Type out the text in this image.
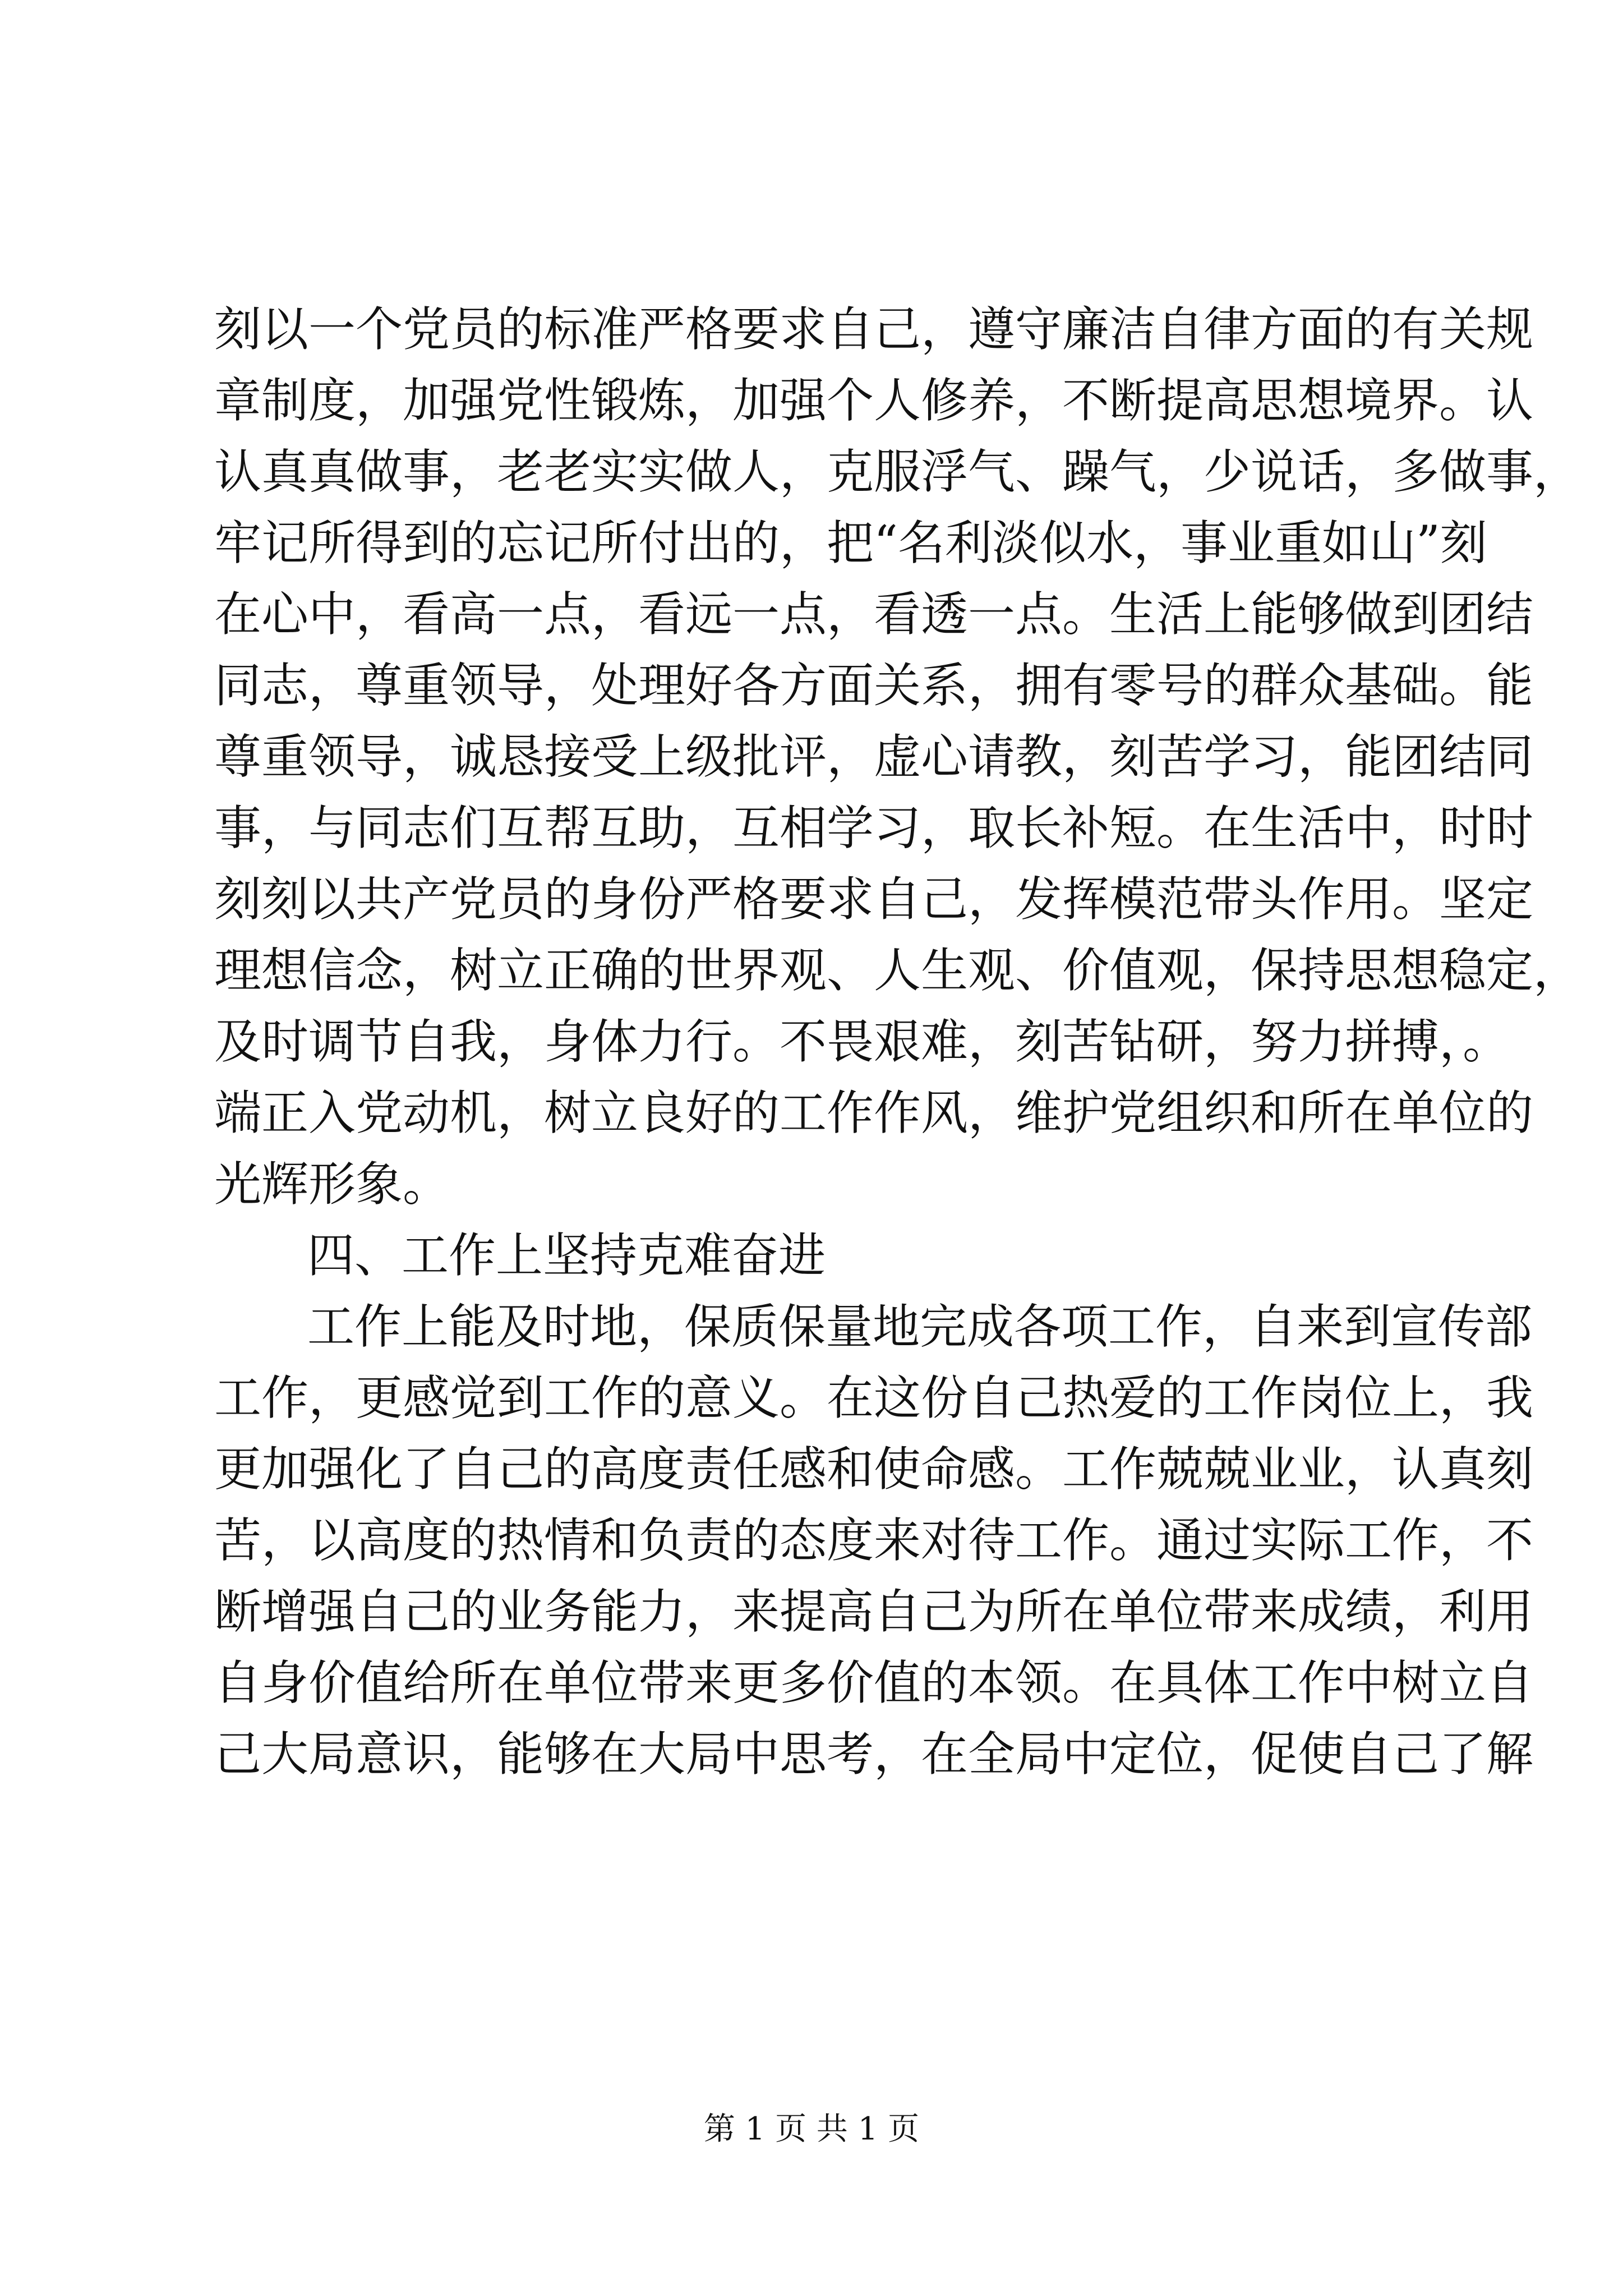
刻以一个党员的标准严格要求自己，遵守廉洁自律方面的有关规
章制度，加强党性锻炼，加强个人修养，不断提高思想境界。认
认真真做事，老老实实做人，克服浮气、躁气，少说话，多做事，
牢记所得到的忘记所付出的，把“名利淡似水，事业重如山”刻
在心中，看高一点，看远一点，看透一点。生活上能够做到团结
同志，尊重领导，处理好各方面关系，拥有零号的群众基础。能
尊重领导，诚恳接受上级批评，虚心请教，刻苦学习，能团结同
事，与同志们互帮互助，互相学习，取长补短。在生活中，时时
刻刻以共产党员的身份严格要求自己，发挥模范带头作用。坚定
理想信念，树立正确的世界观、人生观、价值观，保持思想稳定，
及时调节自我，身体力行。不畏艰难，刻苦钻研，努力拼搏，。
端正入党动机，树立良好的工作作风，维护党组织和所在单位的
光辉形象。
四、工作上坚持克难奋进
工作上能及时地，保质保量地完成各项工作，自来到宣传部
工作，更感觉到工作的意义。在这份自己热爱的工作岗位上，我
更加强化了自己的高度责任感和使命感。工作兢兢业业，认真刻
苦，以高度的热情和负责的态度来对待工作。通过实际工作，不
断增强自己的业务能力，来提高自己为所在单位带来成绩，利用
自身价值给所在单位带来更多价值的本领。在具体工作中树立自
己大局意识，能够在大局中思考，在全局中定位，促使自己了解
第 1 页 共 1 页
